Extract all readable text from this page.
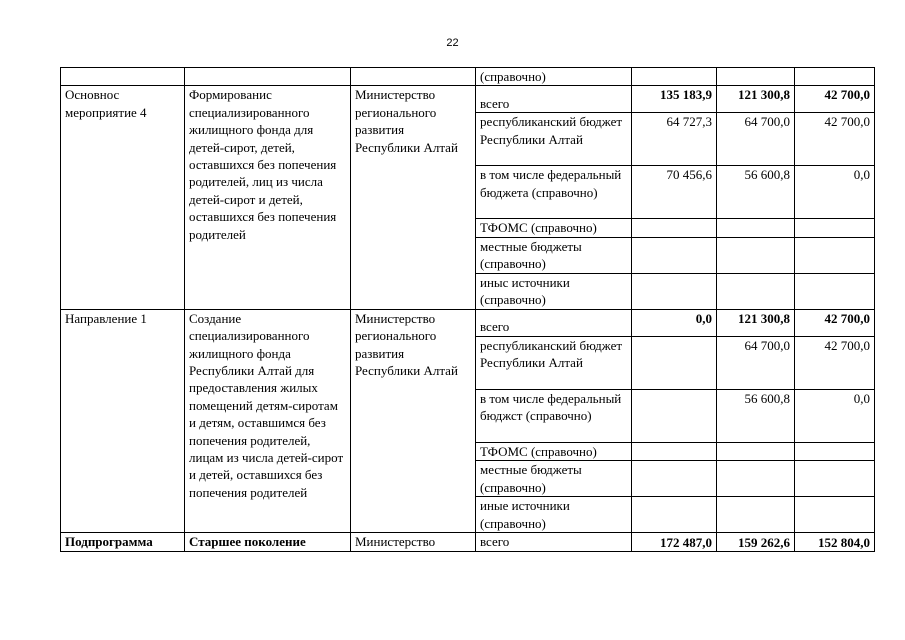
22
			(справочно)			
Основнос мероприятие 4	Формировaнис специализированного жилищного фонда для детей-сирот, детей, оставшихся без попечения родителей, лиц из числа детей-сирот и детей, оставшихся без попечения родителей	Министерство регионального развития Республики Алтай	всего	135 183,9	121 300,8	42 700,0
			республиканский бюджет Республики Алтай	64 727,3	64 700,0	42 700,0
			в том числе федеральный бюджета (справочно)	70 456,6	56 600,8	0,0
			ТФОМС (справочно)			
			местные бюджеты (справочно)			
			иныс источники (справочно)			
Направление 1	Создание специализированного жилищного фонда Республики Алтай для предоставления жилых помещений детям-сиротам и детям, оставшимся без попечения родителей, лицам из числа детей-сирот и детей, оставшихся без попечения родителей	Министерство регионального развития Республики Алтай	всего	0,0	121 300,8	42 700,0
			республиканский бюджет Республики Алтай		64 700,0	42 700,0
			в том числе федеральный бюджст (справочно)		56 600,8	0,0
			ТФОМС (справочно)			
			местные бюджеты (справочно)			
			иные источники (справочно)			
Подпрограмма	Старшее поколение	Министерство	всего	172 487,0	159 262,6	152 804,0
